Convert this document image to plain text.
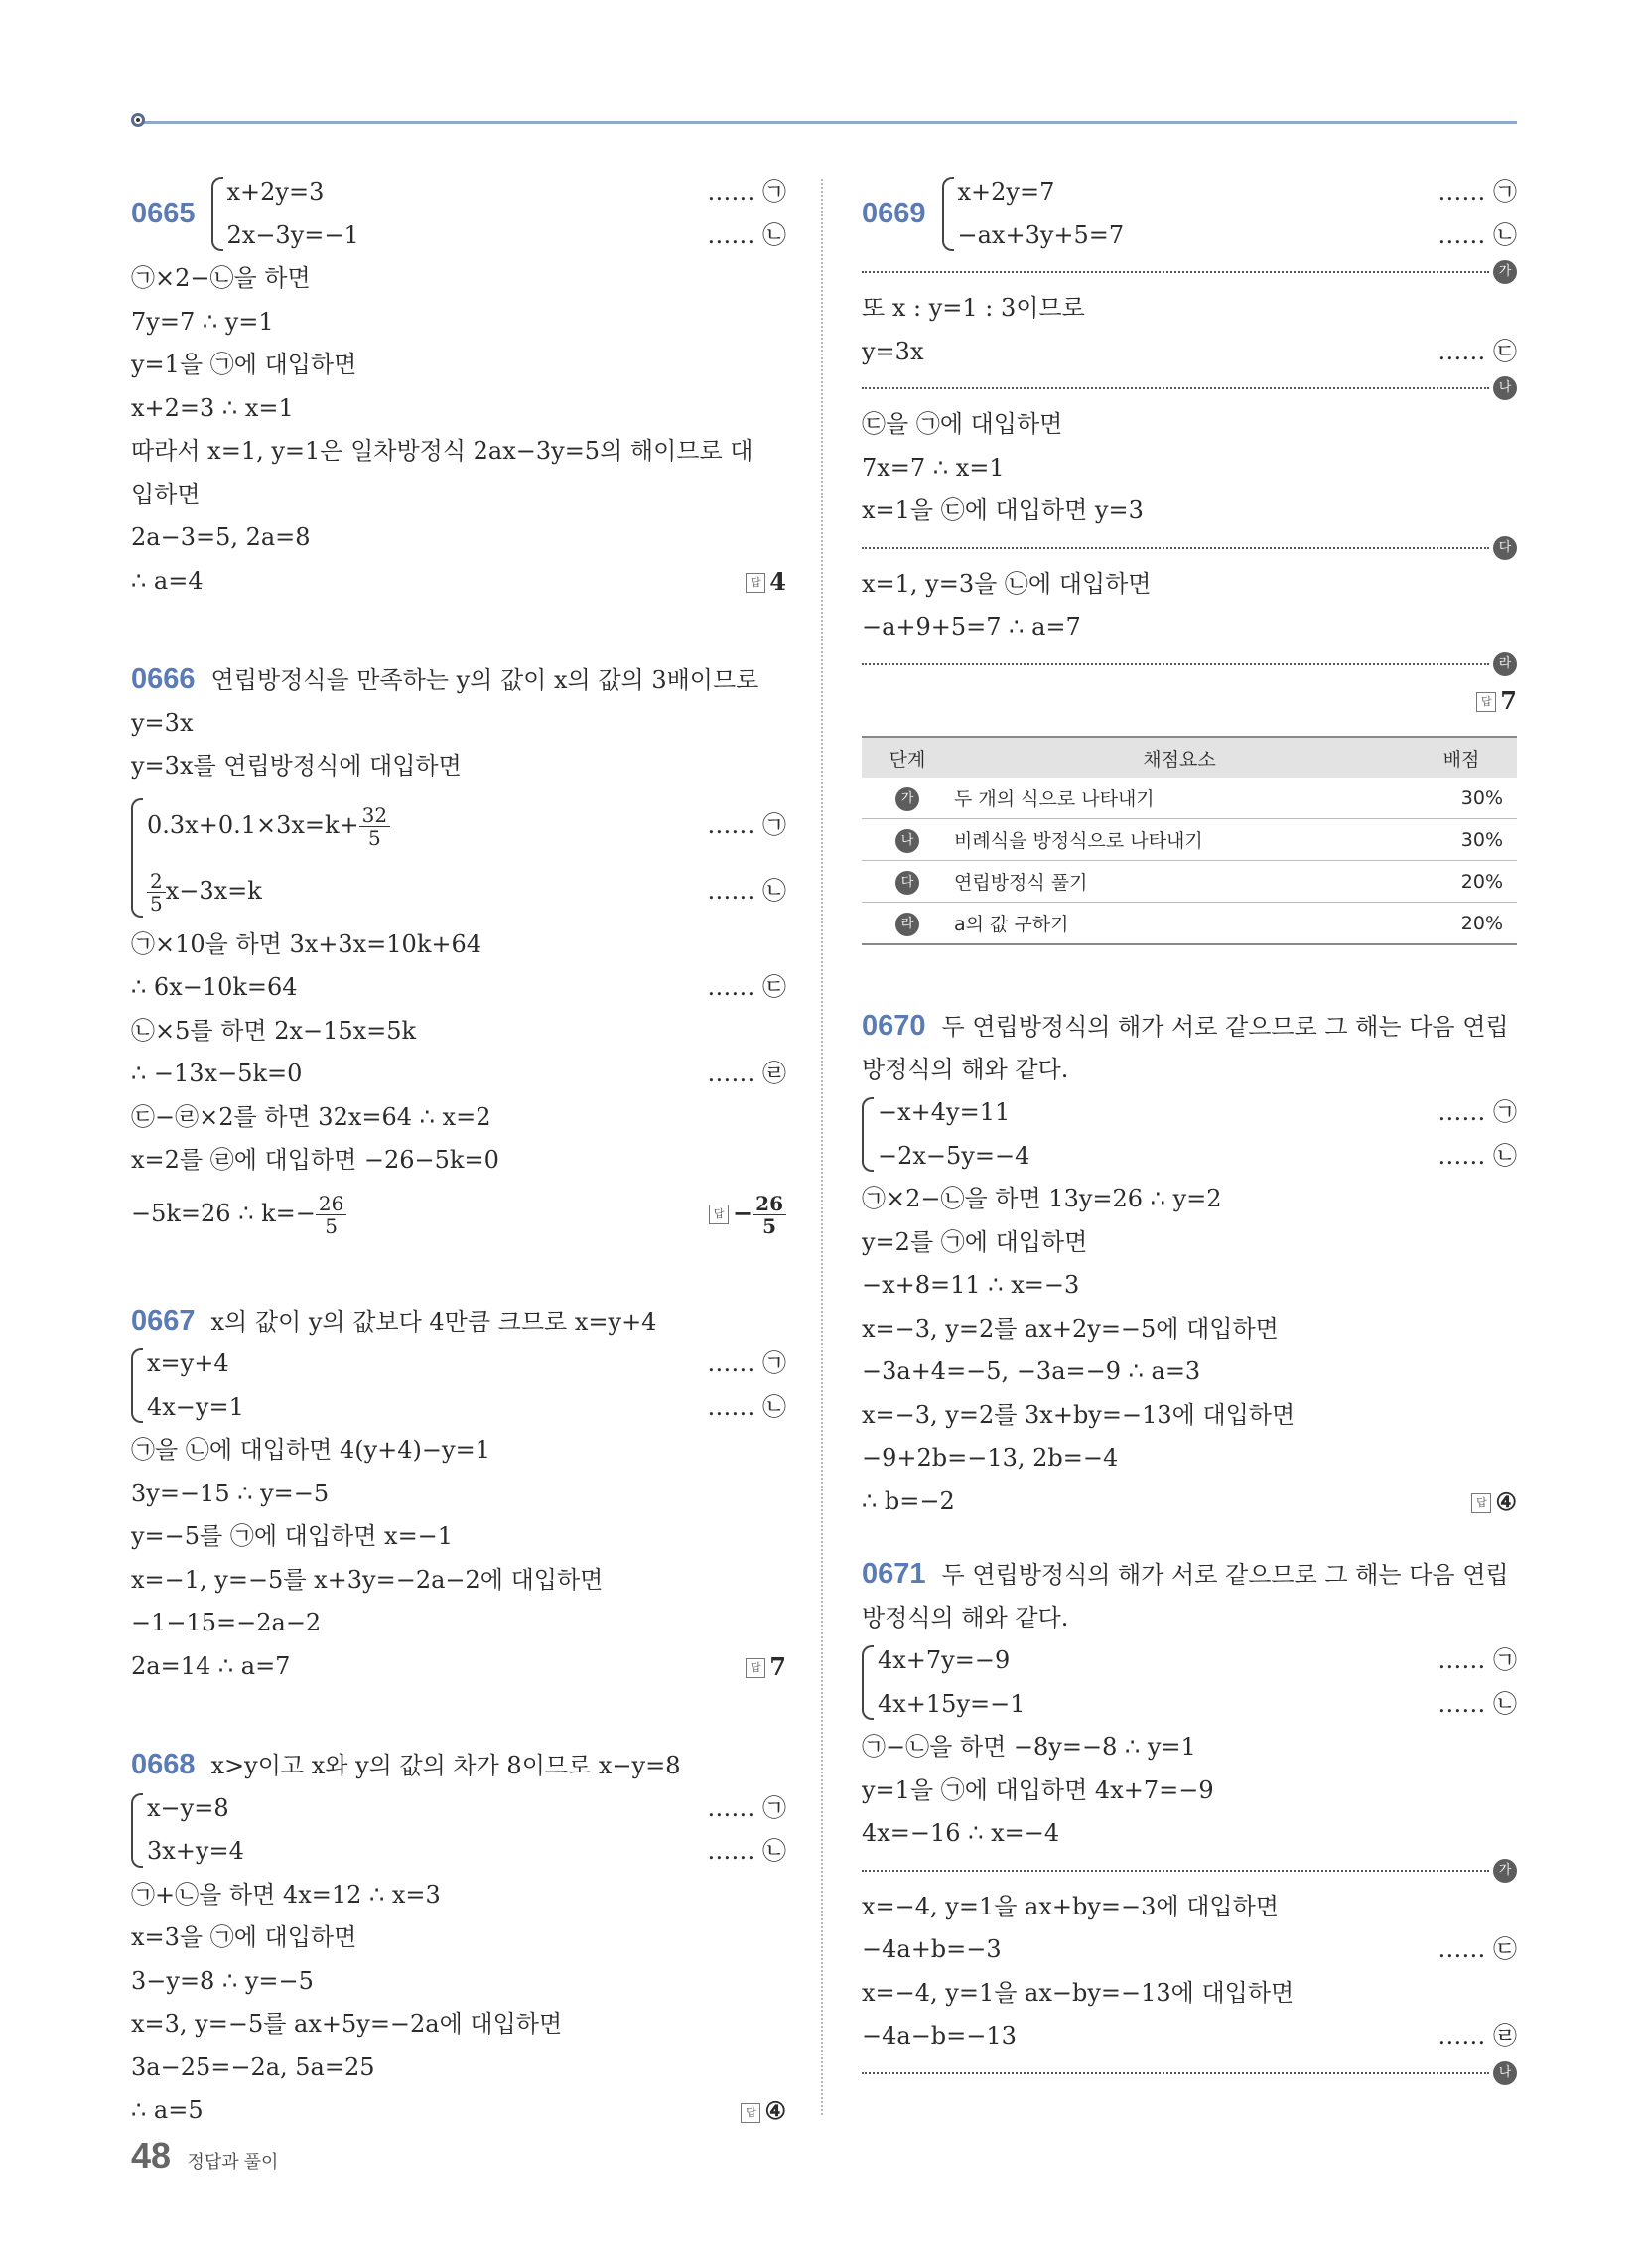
0665
x+2y=3	…… ㉠
2x−3y=−1	…… ㉡
㉠×2−㉡을 하면
7y=7 ∴ y=1
y=1을 ㉠에 대입하면
x+2=3 ∴ x=1
따라서 x=1, y=1은 일차방정식 2ax−3y=5의 해이므로 대
입하면
2a−3=5, 2a=8
∴ a=4	답 4
0666 연립방정식을 만족하는 y의 값이 x의 값의 3배이므로
y=3x
y=3x를 연립방정식에 대입하면
$0.3x+0.1\times 3x=k+ \frac{32}{5}$	…… ㉠
$\frac{2}{5} x-3x=k$	…… ㉡
㉠×10을 하면 3x+3x=10k+64
∴ 6x−10k=64	…… ㉢
㉡×5를 하면 2x−15x=5k
∴ −13x−5k=0	…… ㉣
㉢−㉣×2를 하면 32x=64 ∴ x=2
x=2를 ㉣에 대입하면 −26−5k=0
−5k=26 ∴ $k=- \frac{26}{5}$	답 − $\frac{26}{5}$
0667 x의 값이 y의 값보다 4만큼 크므로 x=y+4
x=y+4	…… ㉠
4x−y=1	…… ㉡
㉠을 ㉡에 대입하면 4(y+4)−y=1
3y=−15 ∴ y=−5
y=−5를 ㉠에 대입하면 x=−1
x=−1, y=−5를 x+3y=−2a−2에 대입하면
−1−15=−2a−2
2a=14 ∴ a=7	답 7
0668 x>y이고 x와 y의 값의 차가 8이므로 x−y=8
x−y=8	…… ㉠
3x+y=4	…… ㉡
㉠+㉡을 하면 4x=12 ∴ x=3
x=3을 ㉠에 대입하면
3−y=8 ∴ y=−5
x=3, y=−5를 ax+5y=−2a에 대입하면
3a−25=−2a, 5a=25
∴ a=5	답 ④
0669
x+2y=7	…… ㉠
−ax+3y+5=7	…… ㉡
가
또 x : y=1 : 3이므로
y=3x	…… ㉢
나
㉢을 ㉠에 대입하면
7x=7 ∴ x=1
x=1을 ㉢에 대입하면 y=3
다
x=1, y=3을 ㉡에 대입하면
−a+9+5=7 ∴ a=7
라
답 7
단계	채점요소	배점
가	두 개의 식으로 나타내기	30%
나	비례식을 방정식으로 나타내기	30%
다	연립방정식 풀기	20%
라	a의 값 구하기	20%
0670 두 연립방정식의 해가 서로 같으므로 그 해는 다음 연립
방정식의 해와 같다.
−x+4y=11	…… ㉠
−2x−5y=−4	…… ㉡
㉠×2−㉡을 하면 13y=26 ∴ y=2
y=2를 ㉠에 대입하면
−x+8=11 ∴ x=−3
x=−3, y=2를 ax+2y=−5에 대입하면
−3a+4=−5, −3a=−9 ∴ a=3
x=−3, y=2를 3x+by=−13에 대입하면
−9+2b=−13, 2b=−4
∴ b=−2	답 ④
0671 두 연립방정식의 해가 서로 같으므로 그 해는 다음 연립
방정식의 해와 같다.
4x+7y=−9	…… ㉠
4x+15y=−1	…… ㉡
㉠−㉡을 하면 −8y=−8 ∴ y=1
y=1을 ㉠에 대입하면 4x+7=−9
4x=−16 ∴ x=−4
가
x=−4, y=1을 ax+by=−3에 대입하면
−4a+b=−3	…… ㉢
x=−4, y=1을 ax−by=−13에 대입하면
−4a−b=−13	…… ㉣
나
48 정답과 풀이
